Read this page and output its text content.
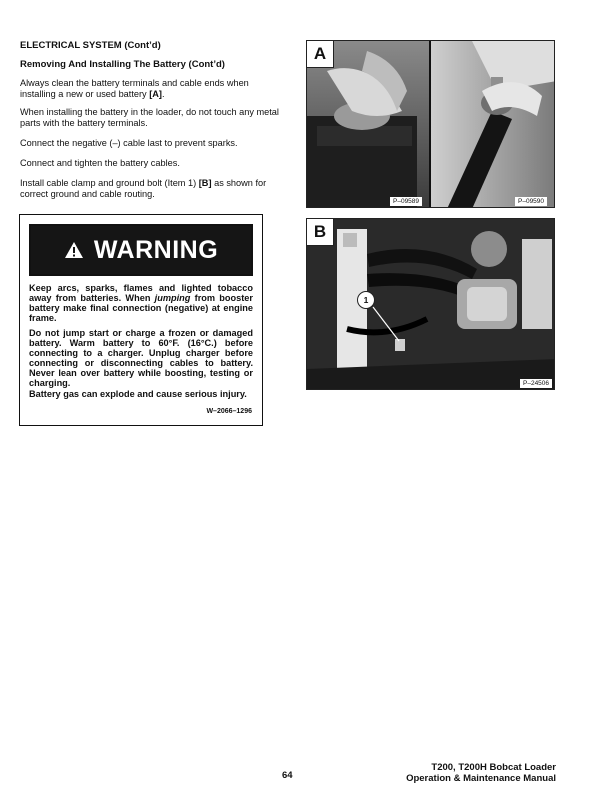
ELECTRICAL SYSTEM (Cont’d)
Removing And Installing The Battery (Cont’d)
Always clean the battery terminals and cable ends when installing a new or used battery [A].
When installing the battery in the loader, do not touch any metal parts with the battery terminals.
Connect the negative (–) cable last to prevent sparks.
Connect and tighten the battery cables.
Install cable clamp and ground bolt (Item 1) [B] as shown for correct ground and cable routing.
WARNING
Keep arcs, sparks, flames and lighted tobacco away from batteries. When jumping from booster battery make final connection (negative) at engine frame.
Do not jump start or charge a frozen or damaged battery. Warm battery to 60°F. (16°C.) before connecting to a charger. Unplug charger before connecting or disconnecting cables to battery. Never lean over battery while boosting, testing or charging.
Battery gas can explode and cause serious injury.
W–2066–1296
A
P–09589	P–09590
B
1
P–24506
64
T200, T200H Bobcat Loader
Operation & Maintenance Manual
